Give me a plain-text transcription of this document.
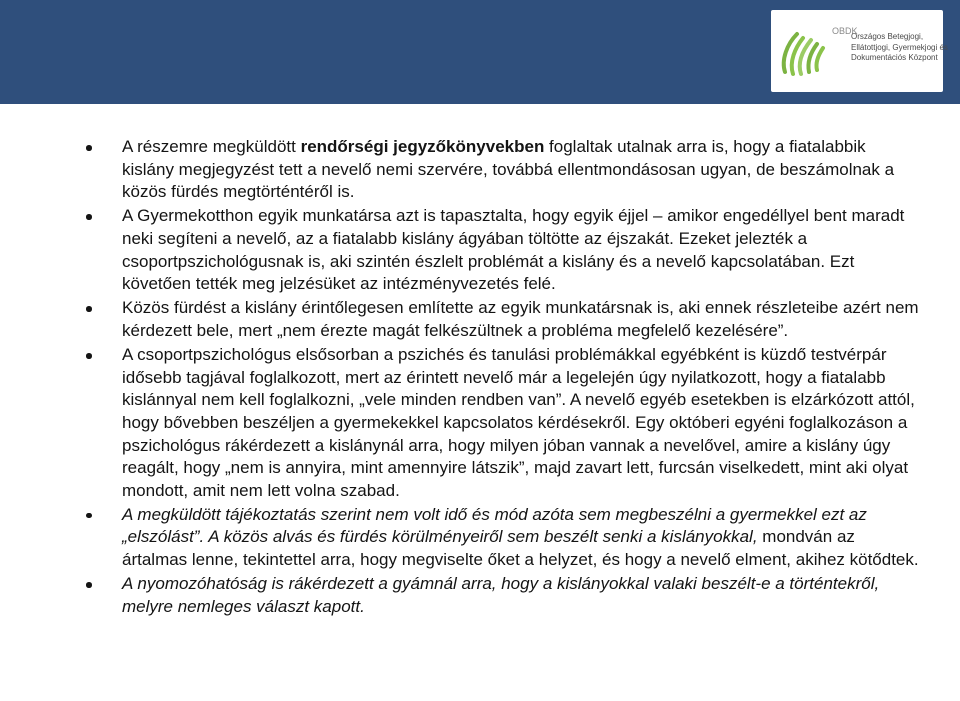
OBDK
Országos Betegjogi,
Ellátottjogi, Gyermekjogi és
Dokumentációs Központ
A részemre megküldött rendőrségi jegyzőkönyvekben foglaltak utalnak arra is, hogy a fiatalabbik kislány megjegyzést tett a nevelő nemi szervére, továbbá ellentmondásosan ugyan, de beszámolnak a közös fürdés megtörténtéről is.
A Gyermekotthon egyik munkatársa azt is tapasztalta, hogy egyik éjjel – amikor engedéllyel bent maradt neki segíteni a nevelő, az a fiatalabb kislány ágyában töltötte az éjszakát. Ezeket jelezték a csoportpszichológusnak is, aki szintén észlelt problémát a kislány és a nevelő kapcsolatában. Ezt követően tették meg jelzésüket az intézményvezetés felé.
Közös fürdést a kislány érintőlegesen említette az egyik munkatársnak is, aki ennek részleteibe azért nem kérdezett bele, mert „nem érezte magát felkészültnek a probléma megfelelő kezelésére”.
A csoportpszichológus elsősorban a pszichés és tanulási problémákkal egyébként is küzdő testvérpár idősebb tagjával foglalkozott, mert az érintett nevelő már a legelején úgy nyilatkozott, hogy a fiatalabb kislánnyal nem kell foglalkozni, „vele minden rendben van”. A nevelő egyéb esetekben is elzárkózott attól, hogy bővebben beszéljen a gyermekekkel kapcsolatos kérdésekről. Egy októberi egyéni foglalkozáson a pszichológus rákérdezett a kislánynál arra, hogy milyen jóban vannak a nevelővel, amire a kislány úgy reagált, hogy „nem is annyira, mint amennyire látszik”, majd zavart lett, furcsán viselkedett, mint aki olyat mondott, amit nem lett volna szabad.
A megküldött tájékoztatás szerint nem volt idő és mód azóta sem megbeszélni a gyermekkel ezt az „elszólást”. A közös alvás és fürdés körülményeiről sem beszélt senki a kislányokkal, mondván az ártalmas lenne, tekintettel arra, hogy megviselte őket a helyzet, és hogy a nevelő elment, akihez kötődtek.
A nyomozóhatóság is rákérdezett a gyámnál arra, hogy a kislányokkal valaki beszélt-e a történtekről, melyre nemleges választ kapott.
